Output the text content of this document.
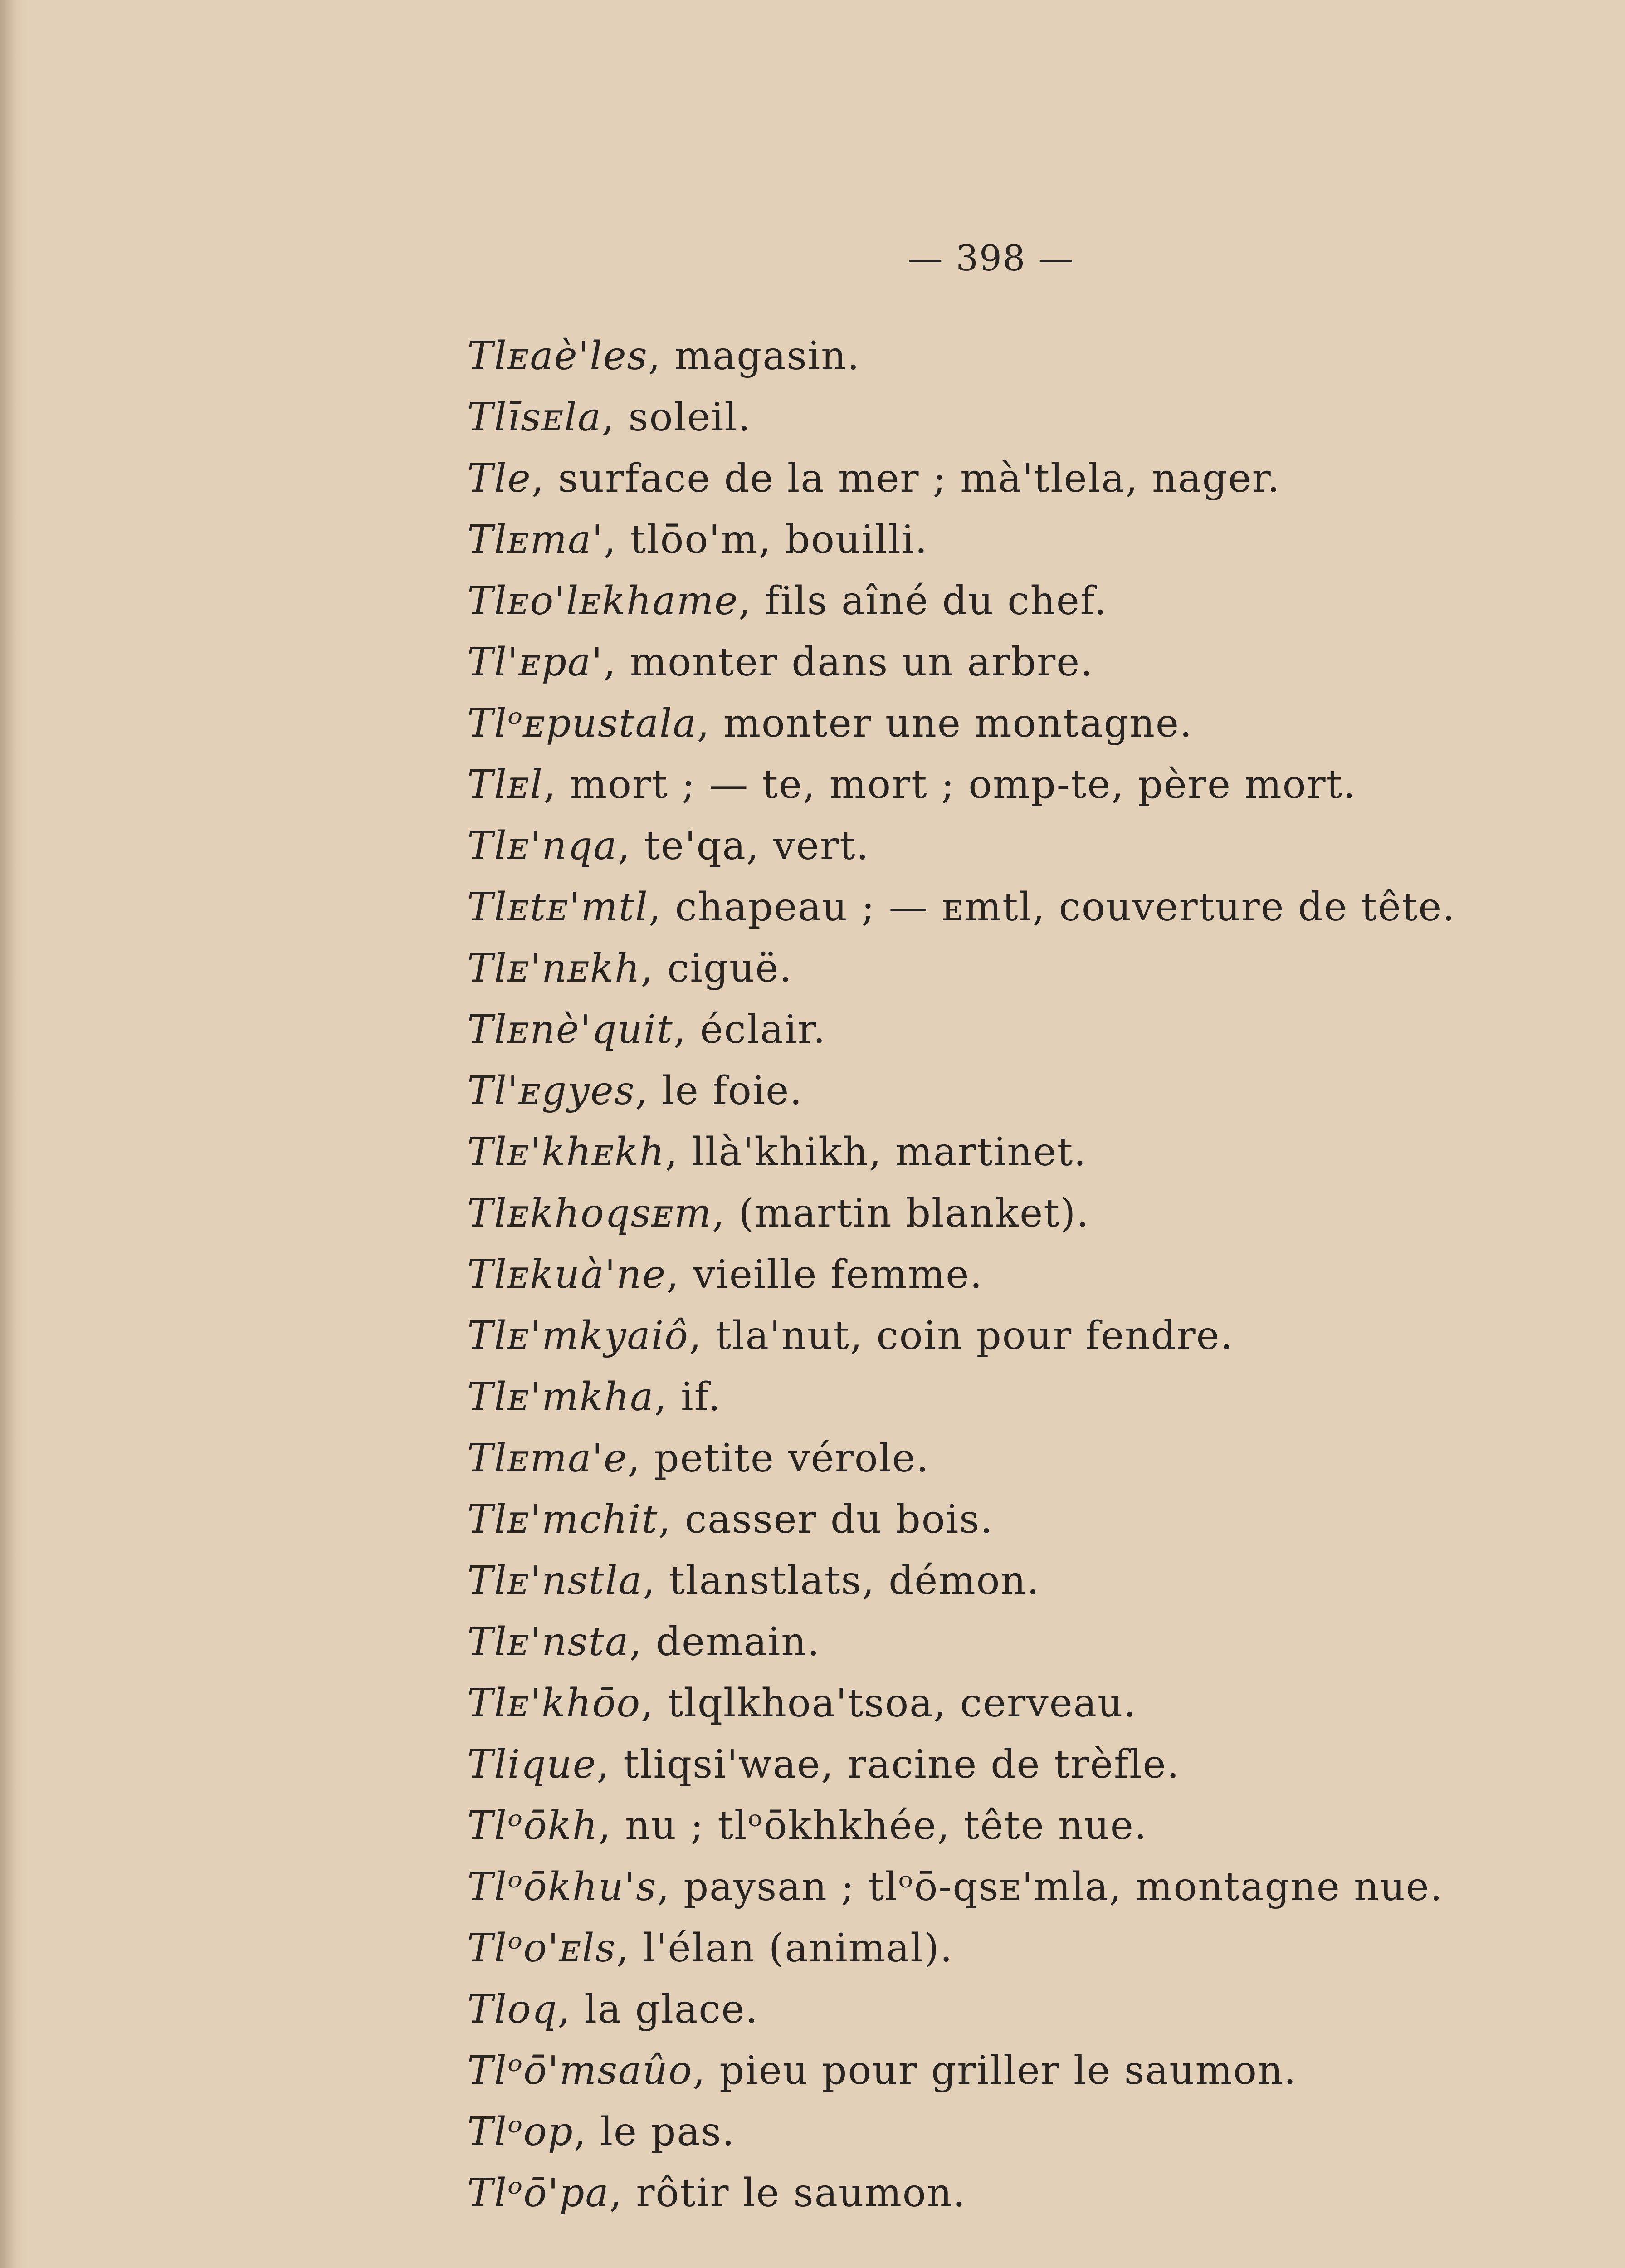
— 398 —
Tlᴇaè'les, magasin.
Tlīsᴇla, soleil.
Tle, surface de la mer ; mà'tlela, nager.
Tlᴇma', tlōo'm, bouilli.
Tlᴇo'lᴇkhame, fils aîné du chef.
Tl'ᴇpa', monter dans un arbre.
Tlᵒᴇpustala, monter une montagne.
Tlᴇl, mort ; — te, mort ; omp-te, père mort.
Tlᴇ'nqa, te'qa, vert.
Tlᴇtᴇ'mtl, chapeau ; — ᴇmtl, couverture de tête.
Tlᴇ'nᴇkh, ciguë.
Tlᴇnè'quit, éclair.
Tl'ᴇgyes, le foie.
Tlᴇ'khᴇkh, llà'khikh, martinet.
Tlᴇkhoqsᴇm, (martin blanket).
Tlᴇkuà'ne, vieille femme.
Tlᴇ'mkyaiô, tla'nut, coin pour fendre.
Tlᴇ'mkha, if.
Tlᴇma'e, petite vérole.
Tlᴇ'mchit, casser du bois.
Tlᴇ'nstla, tlanstlats, démon.
Tlᴇ'nsta, demain.
Tlᴇ'khōo, tlqlkhoa'tsoa, cerveau.
Tlique, tliqsi'wae, racine de trèfle.
Tlᵒōkh, nu ; tlᵒōkhkhée, tête nue.
Tlᵒōkhu's, paysan ; tlᵒō-qsᴇ'mla, montagne nue.
Tlᵒo'ᴇls, l'élan (animal).
Tloq, la glace.
Tlᵒō'msaûo, pieu pour griller le saumon.
Tlᵒop, le pas.
Tlᵒō'pa, rôtir le saumon.
